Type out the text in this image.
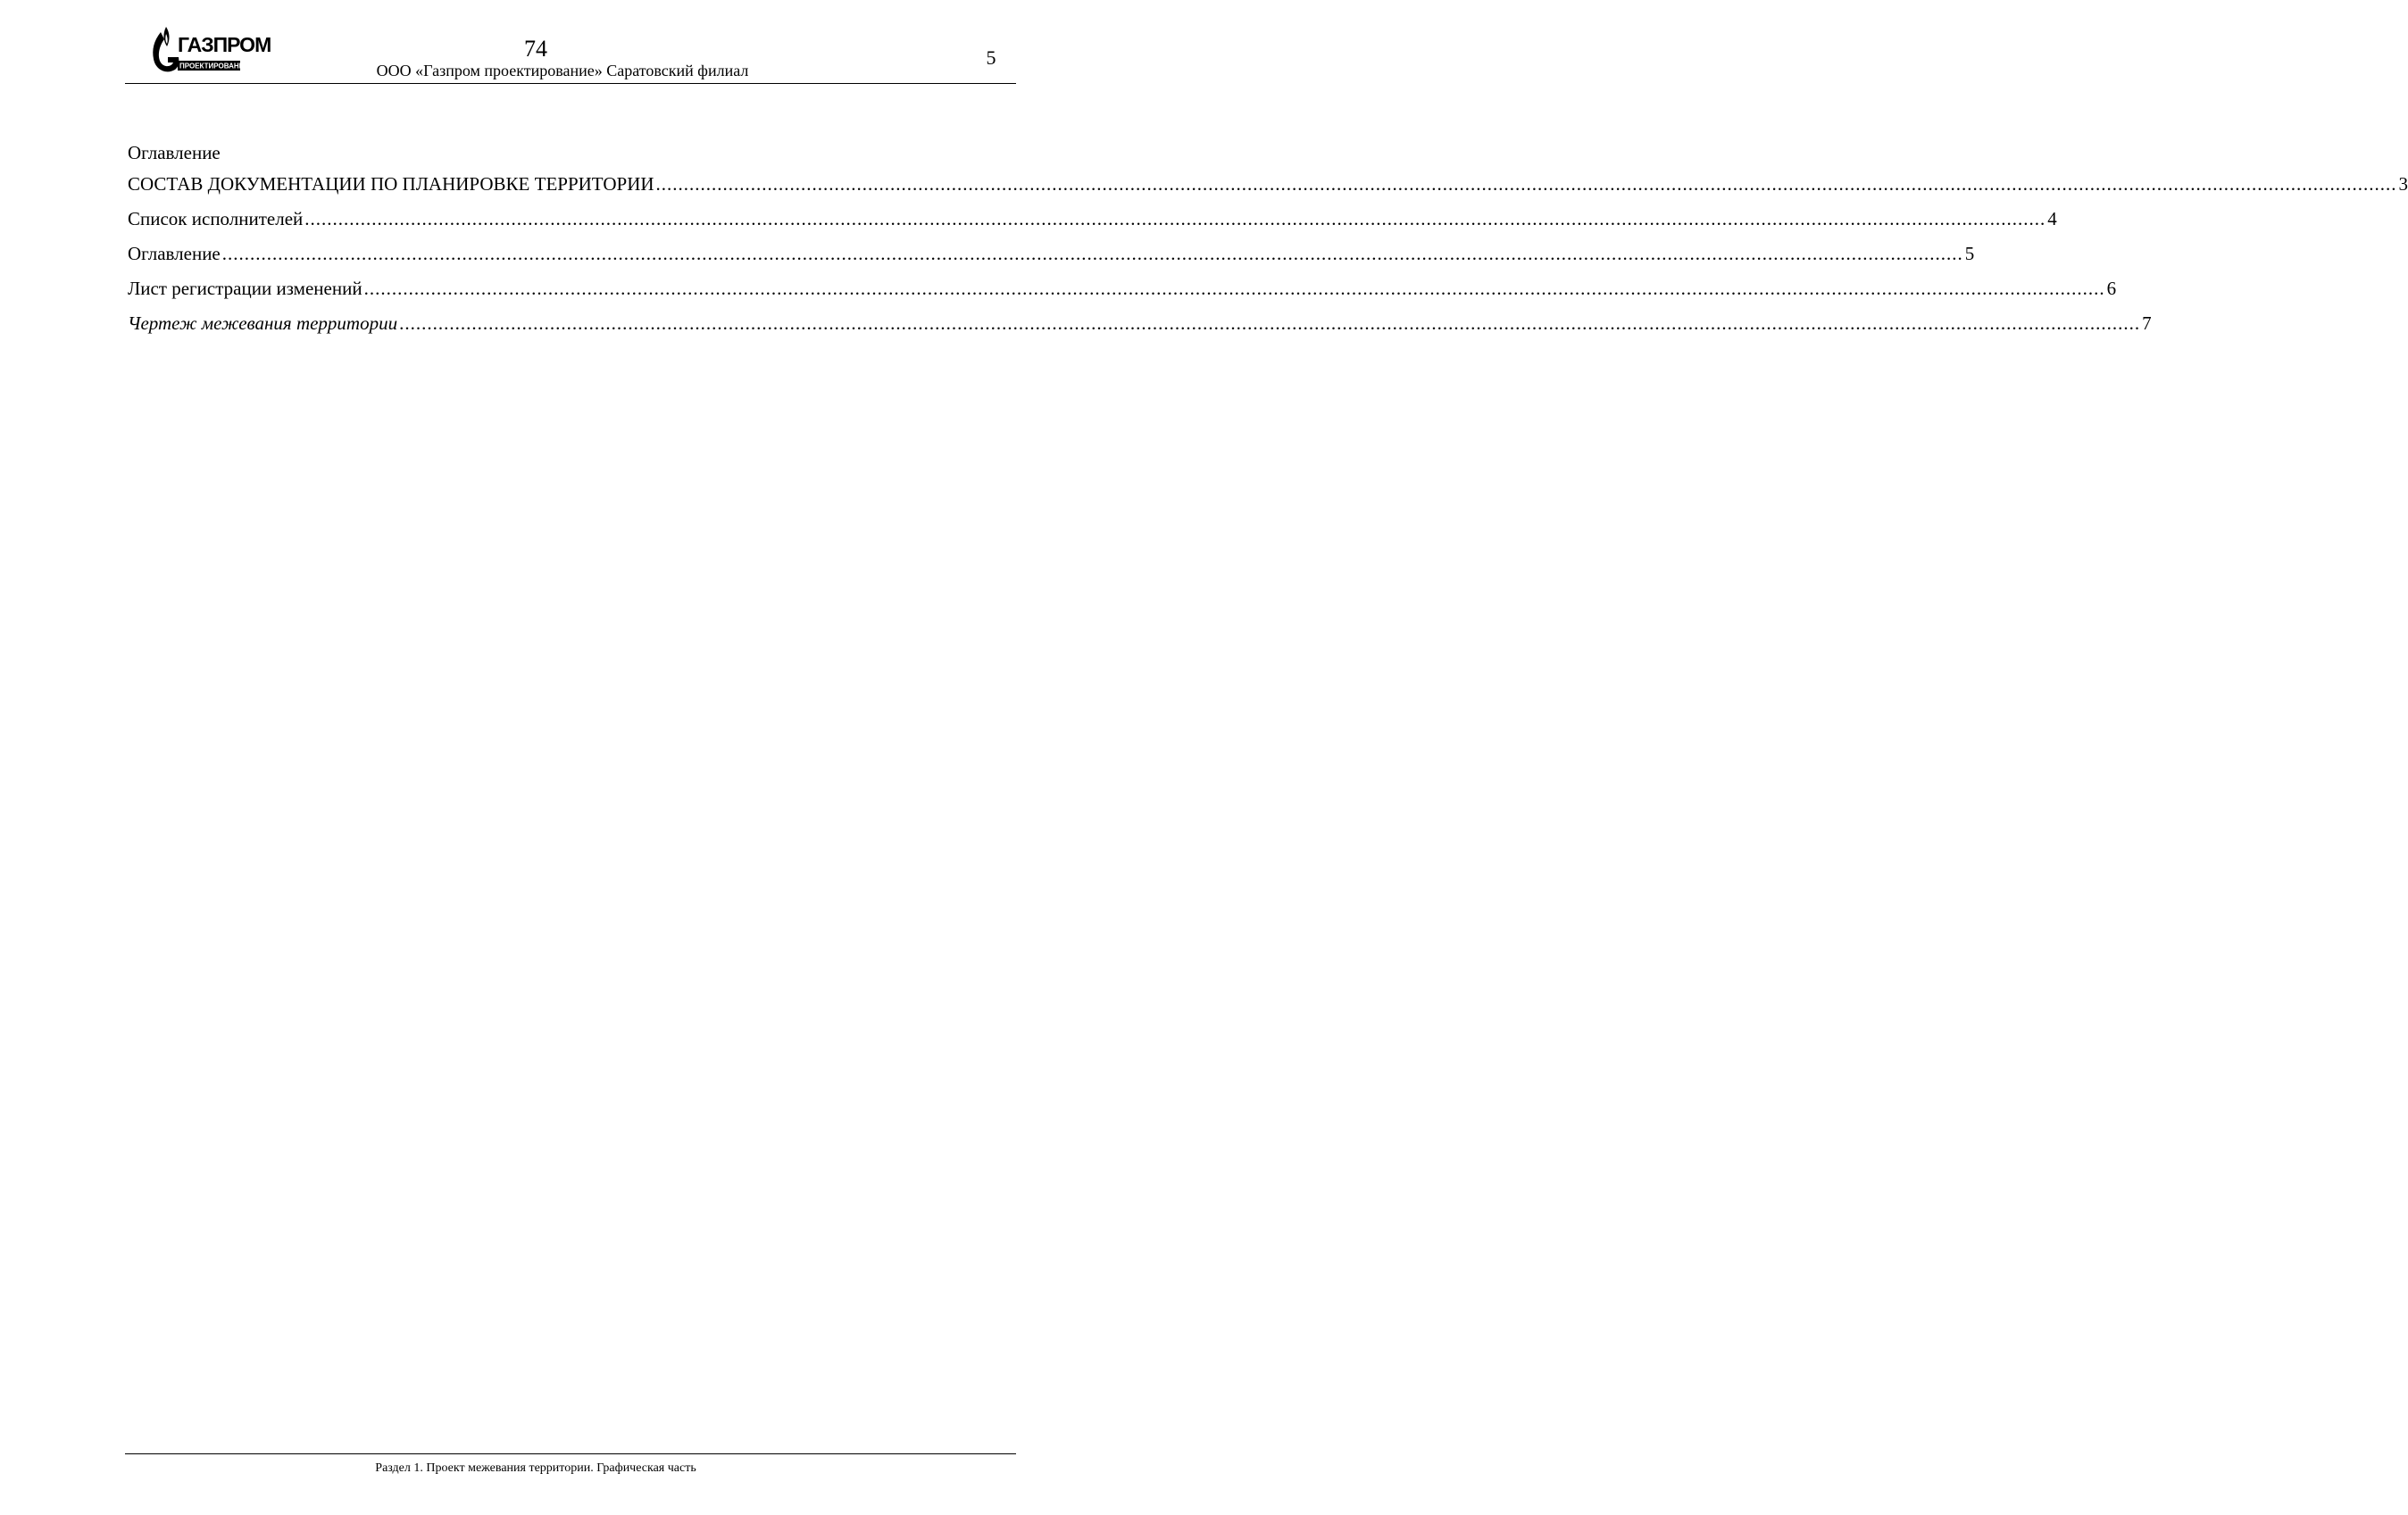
ГАЗПРОМ
ПРОЕКТИРОВАНИЕ
74
ООО «Газпром проектирование» Саратовский филиал
5
Оглавление
СОСТАВ ДОКУМЕНТАЦИИ ПО ПЛАНИРОВКЕ ТЕРРИТОРИИ .....	3
Список исполнителей .....	4
Оглавление .....	5
Лист регистрации изменений .....	6
Чертеж межевания территории .....	7
Раздел 1. Проект межевания территории. Графическая часть
